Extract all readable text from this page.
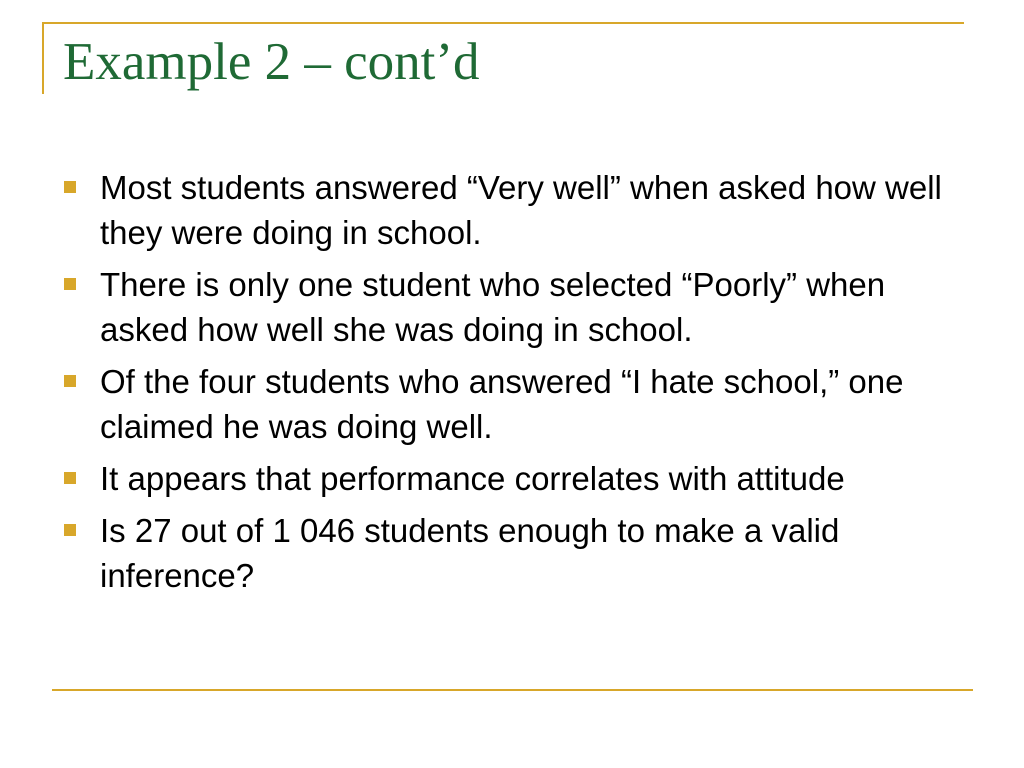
Example 2 – cont’d
Most students answered “Very well” when asked how well they were doing in school.
There is only one student who selected “Poorly” when asked how well she was doing in school.
Of the four students who answered “I hate school,” one claimed he was doing well.
It appears that performance correlates with attitude
Is 27 out of 1 046 students enough to make a valid inference?
